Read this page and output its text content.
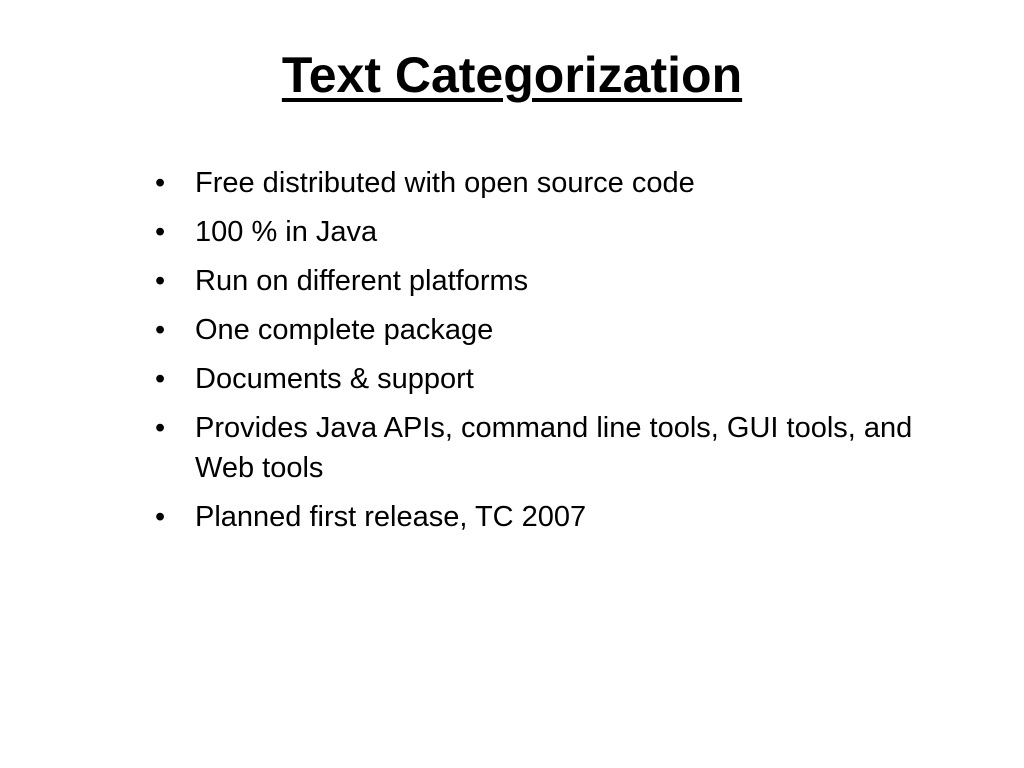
Text Categorization
•	Free distributed with open source code
•	100 % in Java
•	Run on different platforms
•	One complete package
•	Documents & support
•	Provides Java APIs, command line tools, GUI tools, and Web tools
•	Planned first release, TC 2007
